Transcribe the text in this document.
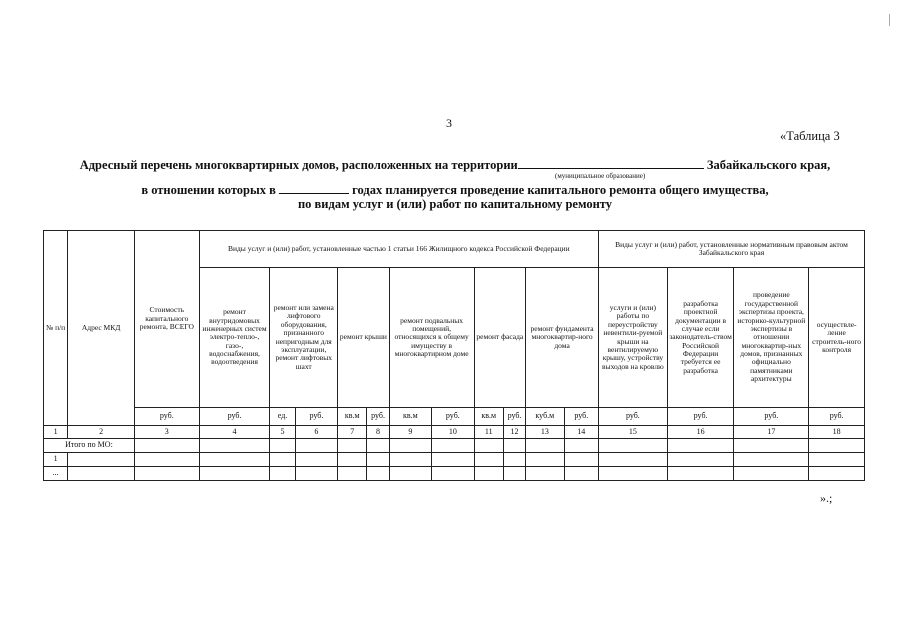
3
«Таблица 3
Адресный перечень многоквартирных домов, расположенных на территории	Забайкальского края,
(муниципальное образование)
в отношении которых в	годах планируется проведение капитального ремонта общего имущества,
по видам услуг и (или) работ по капитальному ремонту
№ п/п	Адрес МКД	Стоимость капитального ремонта, ВСЕГО	Виды услуг и (или) работ, установленные частью 1 статьи 166 Жилищного кодекса Российской Федерации											Виды услуг и (или) работ, установленные нормативным правовым актом Забайкальского края			
			ремонт внутридомовых инженерных систем электро-тепло-, газо-, водоснабжения, водоотведения	ремонт или замена лифтового оборудования, признанного непригодным для эксплуатации, ремонт лифтовых шахт		ремонт крыши		ремонт подвальных помещений, относящихся к общему имуществу в многоквартирном доме		ремонт фасада		ремонт фундамента многоквартир-ного дома		услуги и (или) работы по переустройству невентили-руемой крыши на вентилируемую крышу, устройству выходов на кровлю	разработка проектной документации в случае если законодатель-ством Российской Федерации требуется ее разработка	проведение государственной экспертизы проекта, историко-культурной экспертизы в отношении многоквартир-ных домов, признанных официально памятниками архитектуры	осуществле-ление строитель-ного контроля
		руб.	руб.	ед.	руб.	кв.м	руб.	кв.м	руб.	кв.м	руб.	куб.м	руб.	руб.	руб.	руб.	руб.
1	2	3	4	5	6	7	8	9	10	11	12	13	14	15	16	17	18
Итого по МО:																	
1																	
...																	
».;
